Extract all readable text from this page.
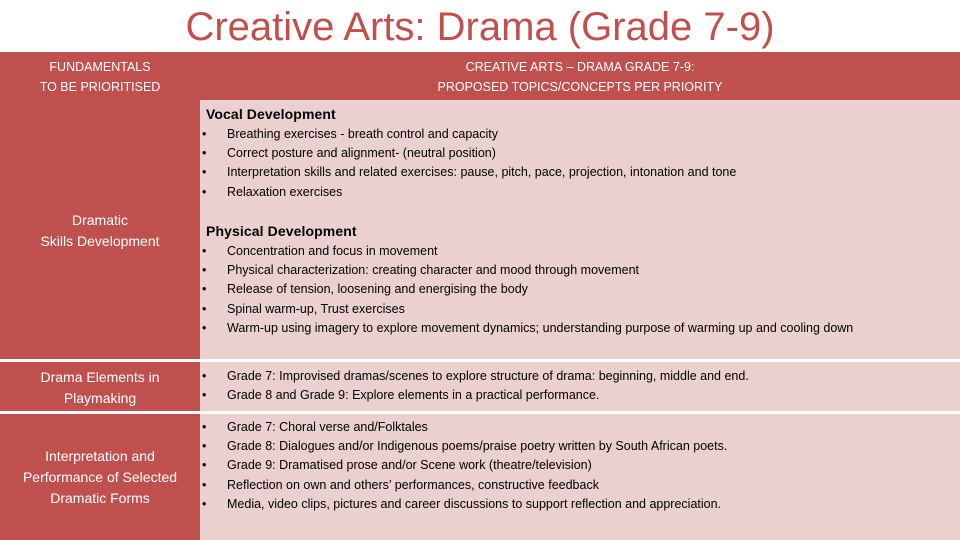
Creative Arts: Drama (Grade 7-9)
FUNDAMENTALS
TO BE PRIORITISED
CREATIVE ARTS – DRAMA GRADE 7-9:
PROPOSED TOPICS/CONCEPTS PER PRIORITY
Dramatic
Skills Development
Vocal Development
• Breathing exercises - breath control and capacity
• Correct posture and alignment- (neutral position)
• Interpretation skills and related exercises: pause, pitch, pace, projection, intonation and tone
• Relaxation exercises
Physical Development
• Concentration and focus in movement
• Physical characterization: creating character and mood through movement
• Release of tension, loosening and energising the body
• Spinal warm-up, Trust exercises
• Warm-up using imagery to explore movement dynamics; understanding purpose of warming up and cooling down
Drama Elements in
Playmaking
• Grade 7: Improvised dramas/scenes to explore structure of drama: beginning, middle and end.
• Grade 8 and Grade 9: Explore elements in a practical performance.
Interpretation and
Performance of Selected
Dramatic Forms
• Grade 7: Choral verse and/Folktales
• Grade 8: Dialogues and/or Indigenous poems/praise poetry written by South African poets.
• Grade 9: Dramatised prose and/or Scene work (theatre/television)
• Reflection on own and others’ performances, constructive feedback
• Media, video clips, pictures and career discussions to support reflection and appreciation.
